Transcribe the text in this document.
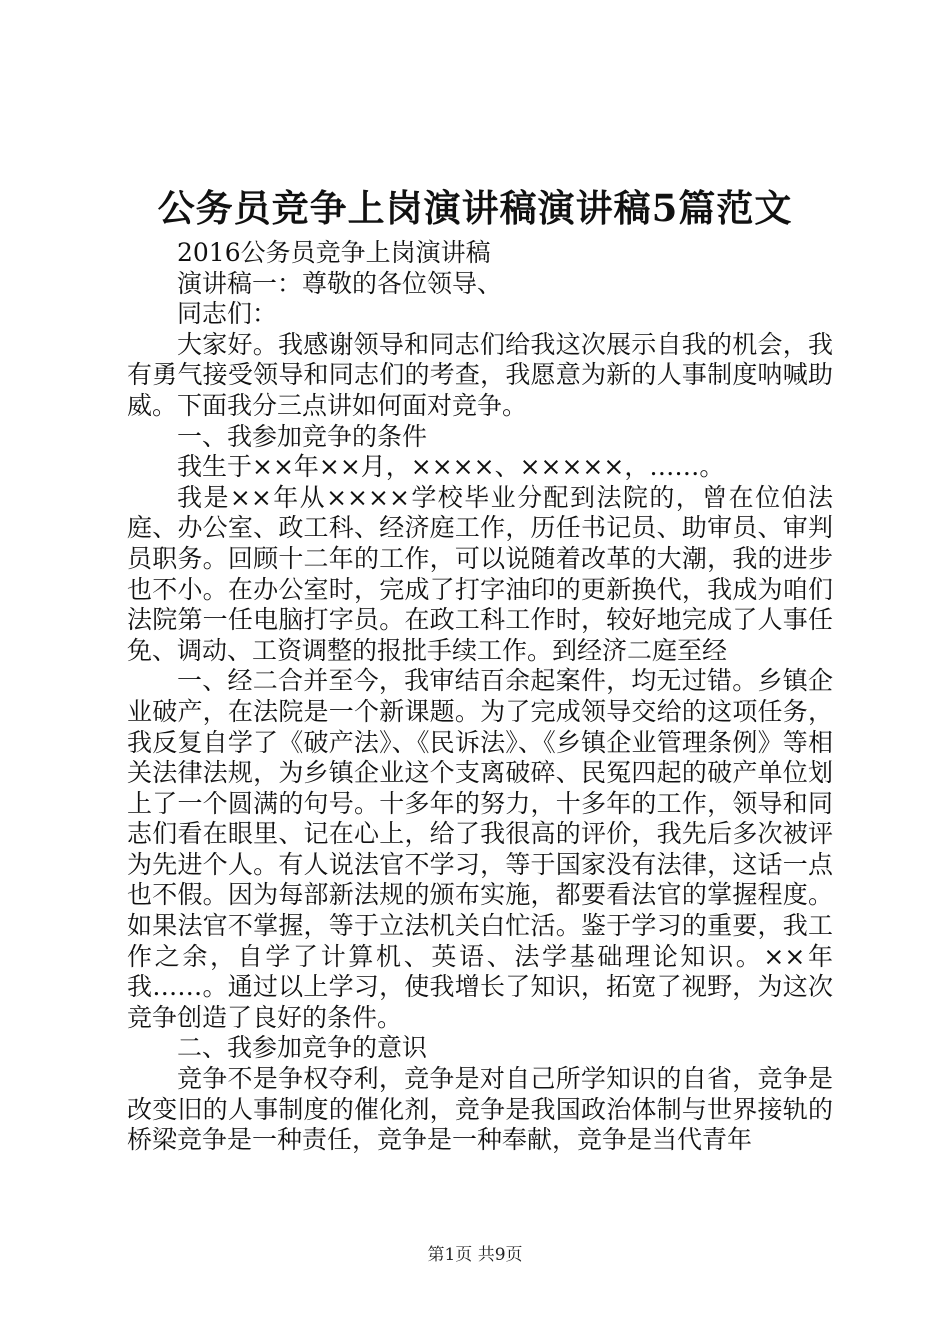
公务员竞争上岗演讲稿演讲稿5篇范文

2016公务员竞争上岗演讲稿

演讲稿一：尊敬的各位领导、

同志们：

大家好。我感谢领导和同志们给我这次展示自我的机会，我有勇气接受领导和同志们的考查，我愿意为新的人事制度呐喊助威。下面我分三点讲如何面对竞争。

一、我参加竞争的条件

我生于××年××月，××××、×××××，……。

我是××年从××××学校毕业分配到法院的，曾在位伯法庭、办公室、政工科、经济庭工作，历任书记员、助审员、审判员职务。回顾十二年的工作，可以说随着改革的大潮，我的进步也不小。在办公室时，完成了打字油印的更新换代，我成为咱们法院第一任电脑打字员。在政工科工作时，较好地完成了人事任免、调动、工资调整的报批手续工作。到经济二庭至经

一、经二合并至今，我审结百余起案件，均无过错。乡镇企业破产，在法院是一个新课题。为了完成领导交给的这项任务，我反复自学了《破产法》、《民诉法》、《乡镇企业管理条例》等相关法律法规，为乡镇企业这个支离破碎、民冤四起的破产单位划上了一个圆满的句号。十多年的努力，十多年的工作，领导和同志们看在眼里、记在心上，给了我很高的评价，我先后多次被评为先进个人。有人说法官不学习，等于国家没有法律，这话一点也不假。因为每部新法规的颁布实施，都要看法官的掌握程度。如果法官不掌握，等于立法机关白忙活。鉴于学习的重要，我工作之余，自学了计算机、英语、法学基础理论知识。××年我……。通过以上学习，使我增长了知识，拓宽了视野，为这次竞争创造了良好的条件。

二、我参加竞争的意识

竞争不是争权夺利，竞争是对自己所学知识的自省，竞争是改变旧的人事制度的催化剂，竞争是我国政治体制与世界接轨的桥梁竞争是一种责任，竞争是一种奉献，竞争是当代青年

第1页 共9页
